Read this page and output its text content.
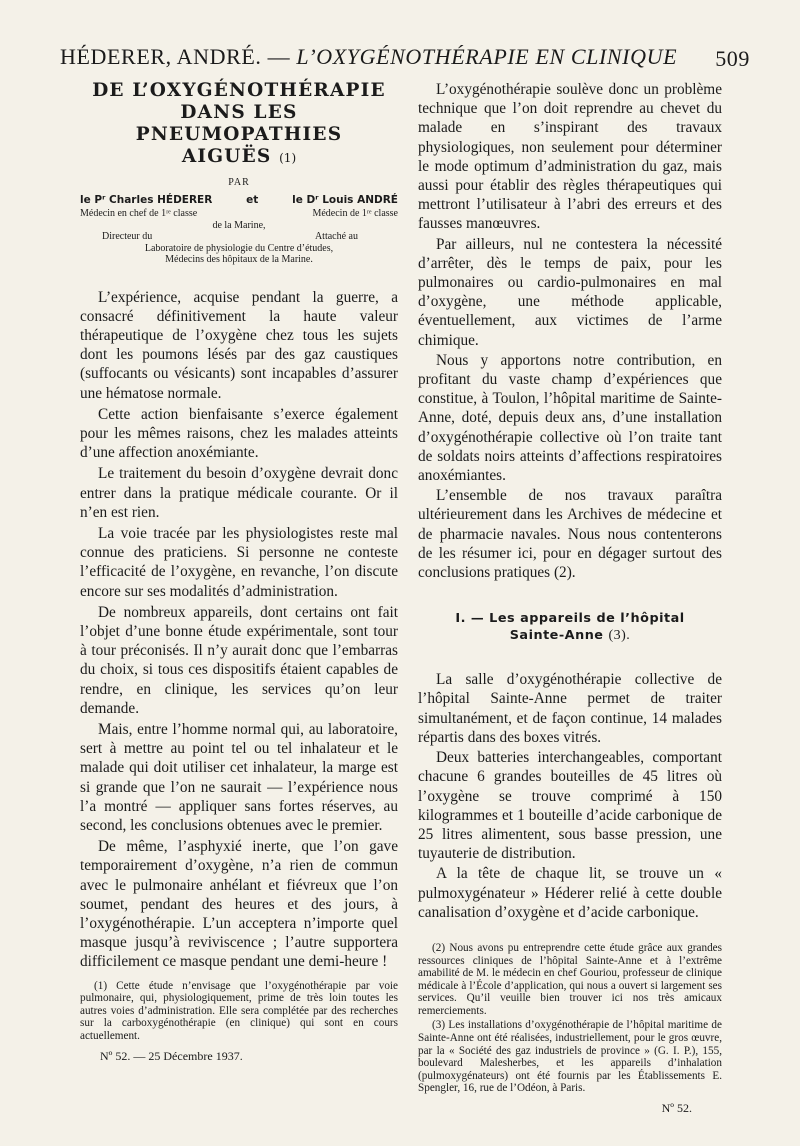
HÉDERER, ANDRÉ. — L’OXYGÉNOTHÉRAPIE EN CLINIQUE 509
DE L’OXYGÉNOTHÉRAPIE
DANS LES PNEUMOPATHIES
AIGUËS (1)
PAR
le Pʳ Charles HÉDERER	et	le Dʳ Louis ANDRÉ
Médecin en chef de 1ʳᵉ classe	Médecin de 1ʳᵉ classe
de la Marine,
Directeur du	Attaché au
Laboratoire de physiologie du Centre d’études,
Médecins des hôpitaux de la Marine.

L’expérience, acquise pendant la guerre, a consacré définitivement la haute valeur thérapeutique de l’oxygène chez tous les sujets dont les poumons lésés par des gaz caustiques (suffocants ou vésicants) sont incapables d’assurer une hématose normale.

Cette action bienfaisante s’exerce également pour les mêmes raisons, chez les malades atteints d’une affection anoxémiante.

Le traitement du besoin d’oxygène devrait donc entrer dans la pratique médicale courante. Or il n’en est rien.

La voie tracée par les physiologistes reste mal connue des praticiens. Si personne ne conteste l’efficacité de l’oxygène, en revanche, l’on discute encore sur ses modalités d’administration.

De nombreux appareils, dont certains ont fait l’objet d’une bonne étude expérimentale, sont tour à tour préconisés. Il n’y aurait donc que l’embarras du choix, si tous ces dispositifs étaient capables de rendre, en clinique, les services qu’on leur demande.

Mais, entre l’homme normal qui, au laboratoire, sert à mettre au point tel ou tel inhalateur et le malade qui doit utiliser cet inhalateur, la marge est si grande que l’on ne saurait — l’expérience nous l’a montré — appliquer sans fortes réserves, au second, les conclusions obtenues avec le premier.

De même, l’asphyxié inerte, que l’on gave temporairement d’oxygène, n’a rien de commun avec le pulmonaire anhélant et fiévreux que l’on soumet, pendant des heures et des jours, à l’oxygénothérapie. L’un acceptera n’importe quel masque jusqu’à reviviscence ; l’autre supportera difficilement ce masque pendant une demi-heure !

(1) Cette étude n’envisage que l’oxygénothérapie par voie pulmonaire, qui, physiologiquement, prime de très loin toutes les autres voies d’administration. Elle sera complétée par des recherches sur la carboxygénothérapie (en clinique) qui sont en cours actuellement.

Nº 52. — 25 Décembre 1937.

L’oxygénothérapie soulève donc un problème technique que l’on doit reprendre au chevet du malade en s’inspirant des travaux physiologiques, non seulement pour déterminer le mode optimum d’administration du gaz, mais aussi pour établir des règles thérapeutiques qui mettront l’utilisateur à l’abri des erreurs et des fausses manœuvres.

Par ailleurs, nul ne contestera la nécessité d’arrêter, dès le temps de paix, pour les pulmonaires ou cardio-pulmonaires en mal d’oxygène, une méthode applicable, éventuellement, aux victimes de l’arme chimique.

Nous y apportons notre contribution, en profitant du vaste champ d’expériences que constitue, à Toulon, l’hôpital maritime de Sainte-Anne, doté, depuis deux ans, d’une installation d’oxygénothérapie collective où l’on traite tant de soldats noirs atteints d’affections respiratoires anoxémiantes.

L’ensemble de nos travaux paraîtra ultérieurement dans les Archives de médecine et de pharmacie navales. Nous nous contenterons de les résumer ici, pour en dégager surtout des conclusions pratiques (2).

I. — Les appareils de l’hôpital
Sainte-Anne (3).

La salle d’oxygénothérapie collective de l’hôpital Sainte-Anne permet de traiter simultanément, et de façon continue, 14 malades répartis dans des boxes vitrés.

Deux batteries interchangeables, comportant chacune 6 grandes bouteilles de 45 litres où l’oxygène se trouve comprimé à 150 kilogrammes et 1 bouteille d’acide carbonique de 25 litres alimentent, sous basse pression, une tuyauterie de distribution.

A la tête de chaque lit, se trouve un « pulmoxygénateur » Héderer relié à cette double canalisation d’oxygène et d’acide carbonique.

(2) Nous avons pu entreprendre cette étude grâce aux grandes ressources cliniques de l’hôpital Sainte-Anne et à l’extrême amabilité de M. le médecin en chef Gouriou, professeur de clinique médicale à l’École d’application, qui nous a ouvert si largement ses services. Qu’il veuille bien trouver ici nos très amicaux remerciements.

(3) Les installations d’oxygénothérapie de l’hôpital maritime de Sainte-Anne ont été réalisées, industriellement, pour le gros œuvre, par la « Société des gaz industriels de province » (G. I. P.), 155, boulevard Malesherbes, et les appareils d’inhalation (pulmoxygénateurs) ont été fournis par les Établissements E. Spengler, 16, rue de l’Odéon, à Paris.

Nº 52.
